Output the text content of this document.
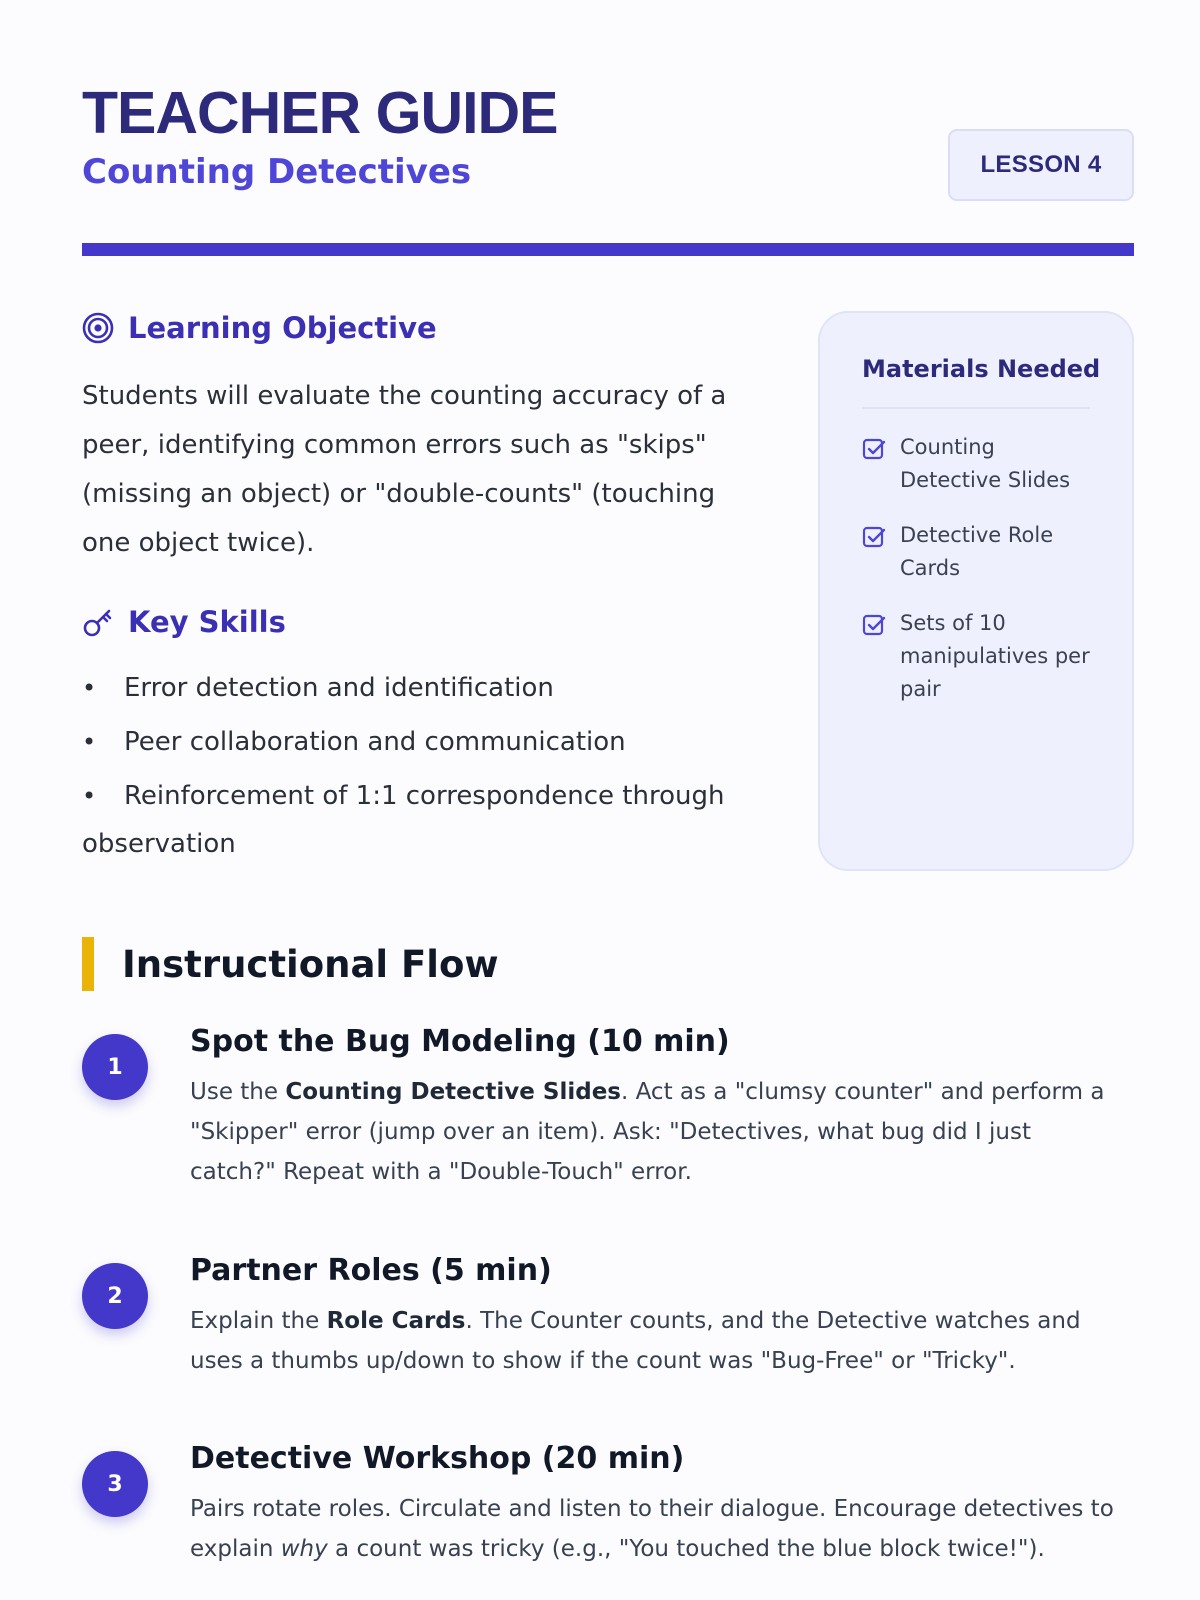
TEACHER GUIDE
Counting Detectives	LESSON 4
Learning Objective

Students will evaluate the counting accuracy of a peer, identifying common errors such as "skips" (missing an object) or "double-counts" (touching one object twice).

Key Skills
• Error detection and identification
• Peer collaboration and communication
• Reinforcement of 1:1 correspondence through observation
Materials Needed
Counting Detective Slides
Detective Role Cards
Sets of 10 manipulatives per pair
Instructional Flow
1
Spot the Bug Modeling (10 min)

Use the Counting Detective Slides. Act as a "clumsy counter" and perform a "Skipper" error (jump over an item). Ask: "Detectives, what bug did I just catch?" Repeat with a "Double-Touch" error.

2
Partner Roles (5 min)

Explain the Role Cards. The Counter counts, and the Detective watches and uses a thumbs up/down to show if the count was "Bug-Free" or "Tricky".

3
Detective Workshop (20 min)

Pairs rotate roles. Circulate and listen to their dialogue. Encourage detectives to explain why a count was tricky (e.g., "You touched the blue block twice!").
